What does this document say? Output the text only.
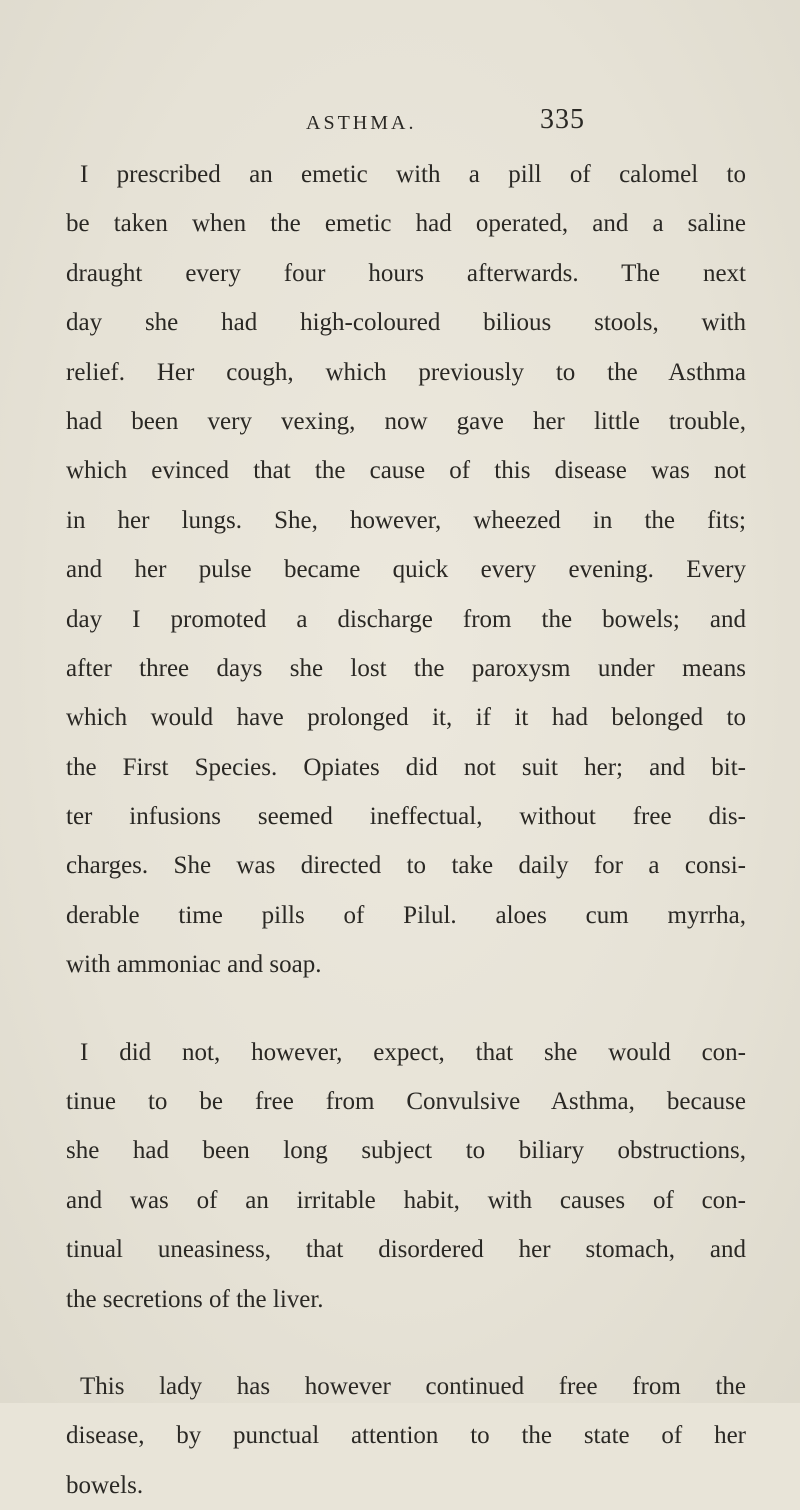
ASTHMA.	335
I prescribed an emetic with a pill of calomel to
be taken when the emetic had operated, and a saline
draught every four hours afterwards. The next
day she had high-coloured bilious stools, with
relief. Her cough, which previously to the Asthma
had been very vexing, now gave her little trouble,
which evinced that the cause of this disease was not
in her lungs. She, however, wheezed in the fits;
and her pulse became quick every evening. Every
day I promoted a discharge from the bowels; and
after three days she lost the paroxysm under means
which would have prolonged it, if it had belonged to
the First Species. Opiates did not suit her; and bit-
ter infusions seemed ineffectual, without free dis-
charges. She was directed to take daily for a consi-
derable time pills of Pilul. aloes cum myrrha,
with ammoniac and soap.
I did not, however, expect, that she would con-
tinue to be free from Convulsive Asthma, because
she had been long subject to biliary obstructions,
and was of an irritable habit, with causes of con-
tinual uneasiness, that disordered her stomach, and
the secretions of the liver.
This lady has however continued free from the
disease, by punctual attention to the state of her
bowels.
